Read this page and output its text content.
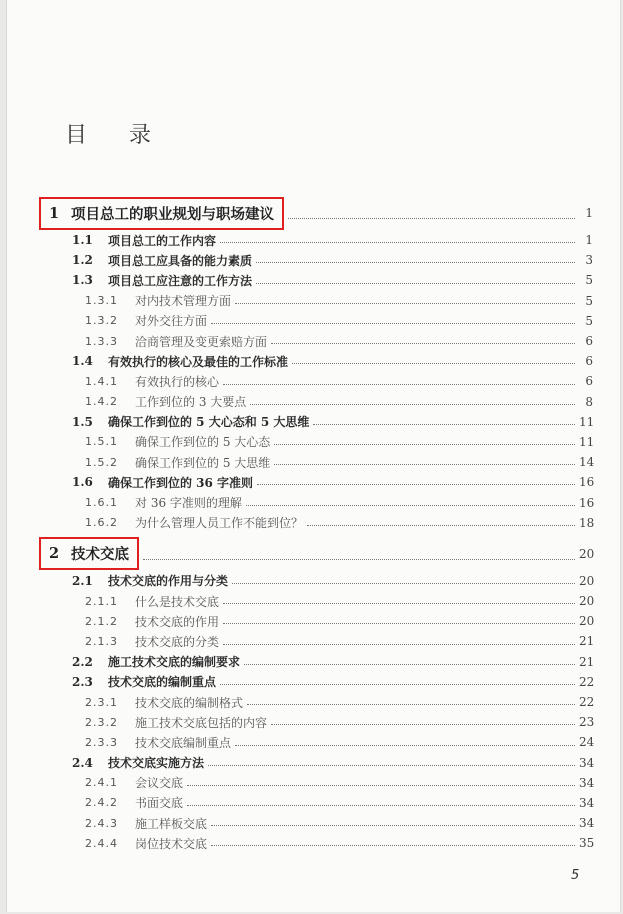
目录
1 项目总工的职业规划与职场建议	1
1.1	项目总工的工作内容	1
1.2	项目总工应具备的能力素质	3
1.3	项目总工应注意的工作方法	5
1.3.1	对内技术管理方面	5
1.3.2	对外交往方面	5
1.3.3	洽商管理及变更索赔方面	6
1.4	有效执行的核心及最佳的工作标准	6
1.4.1	有效执行的核心	6
1.4.2	工作到位的 3 大要点	8
1.5	确保工作到位的 5 大心态和 5 大思维	11
1.5.1	确保工作到位的 5 大心态	11
1.5.2	确保工作到位的 5 大思维	14
1.6	确保工作到位的 36 字准则	16
1.6.1	对 36 字准则的理解	16
1.6.2	为什么管理人员工作不能到位？	18
2 技术交底	20
2.1	技术交底的作用与分类	20
2.1.1	什么是技术交底	20
2.1.2	技术交底的作用	20
2.1.3	技术交底的分类	21
2.2	施工技术交底的编制要求	21
2.3	技术交底的编制重点	22
2.3.1	技术交底的编制格式	22
2.3.2	施工技术交底包括的内容	23
2.3.3	技术交底编制重点	24
2.4	技术交底实施方法	34
2.4.1	会议交底	34
2.4.2	书面交底	34
2.4.3	施工样板交底	34
2.4.4	岗位技术交底	35
5
